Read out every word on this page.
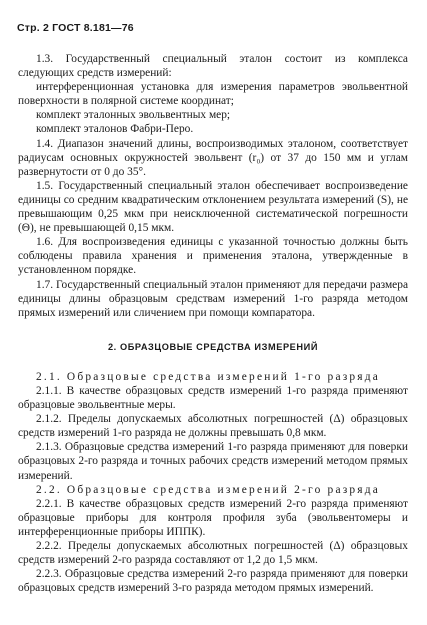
Стр. 2 ГОСТ 8.181—76

1.3. Государственный специальный эталон состоит из комплекса следующих средств измерений:

интерференционная установка для измерения параметров эвольвентной поверхности в полярной системе координат;

комплект эталонных эвольвентных мер;

комплект эталонов Фабри-Перо.

1.4. Диапазон значений длины, воспроизводимых эталоном, соответствует радиусам основных окружностей эвольвент (r₀) от 37 до 150 мм и углам развернутости от 0 до 35°.

1.5. Государственный специальный эталон обеспечивает воспроизведение единицы со средним квадратическим отклонением результата измерений (S), не превышающим 0,25 мкм при неисключенной систематической погрешности (Θ), не превышающей 0,15 мкм.

1.6. Для воспроизведения единицы с указанной точностью должны быть соблюдены правила хранения и применения эталона, утвержденные в установленном порядке.

1.7. Государственный специальный эталон применяют для передачи размера единицы длины образцовым средствам измерений 1-го разряда методом прямых измерений или сличением при помощи компаратора.

2. ОБРАЗЦОВЫЕ СРЕДСТВА ИЗМЕРЕНИЙ

2.1. Образцовые средства измерений 1-го разряда

2.1.1. В качестве образцовых средств измерений 1-го разряда применяют образцовые эвольвентные меры.

2.1.2. Пределы допускаемых абсолютных погрешностей (Δ) образцовых средств измерений 1-го разряда не должны превышать 0,8 мкм.

2.1.3. Образцовые средства измерений 1-го разряда применяют для поверки образцовых 2-го разряда и точных рабочих средств измерений методом прямых измерений.

2.2. Образцовые средства измерений 2-го разряда

2.2.1. В качестве образцовых средств измерений 2-го разряда применяют образцовые приборы для контроля профиля зуба (эвольвентомеры и интерференционные приборы ИППК).

2.2.2. Пределы допускаемых абсолютных погрешностей (Δ) образцовых средств измерений 2-го разряда составляют от 1,2 до 1,5 мкм.

2.2.3. Образцовые средства измерений 2-го разряда применяют для поверки образцовых средств измерений 3-го разряда методом прямых измерений.
